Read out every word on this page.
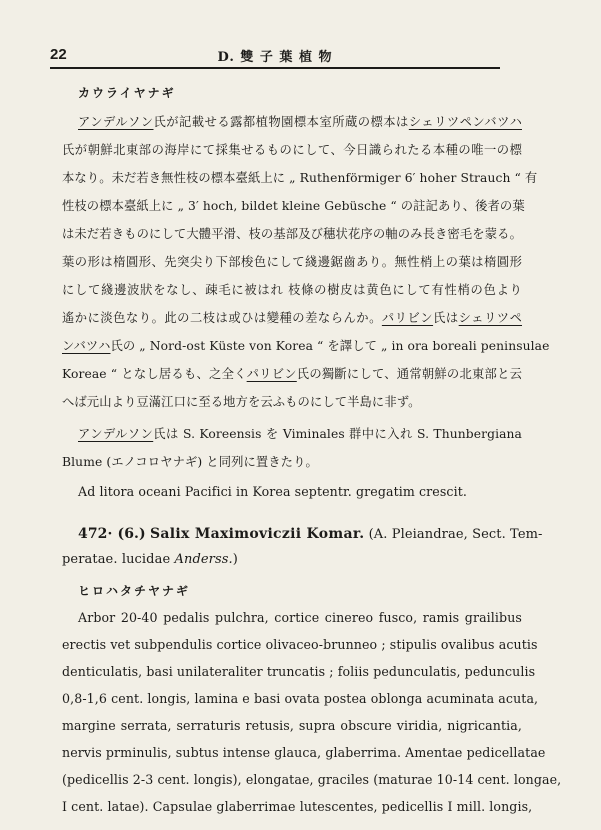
22	D. 雙 子 葉 植 物
カウライヤナギ
アンデルソン氏が記載せる露都植物園標本室所蔵の標本はシェリツペンバツハ
氏が朝鮮北東部の海岸にて採集せるものにして、今日識られたる本種の唯一の標
本なり。未だ若き無性枝の標本臺紙上に „ Ruthenförmiger 6′ hoher Strauch “ 有
性枝の標本臺紙上に „ 3′ hoch, bildet kleine Gebüsche “ の註記あり、後者の葉
は未だ若きものにして大體平滑、枝の基部及び穗状花序の軸のみ長き密毛を蒙る。
葉の形は楕圓形、先突尖り下部梭色にして綫邊鋸齒あり。無性梢上の葉は楕圓形
にして綫邊波狀をなし、疎毛に被はれ 枝條の樹皮は黄色にして有性梢の色より
遙かに淡色なり。此の二枝は或ひは變種の差ならんか。パリビン氏はシェリツペ
ンバツハ氏の „ Nord-ost Küste von Korea “ を譯して „ in ora boreali peninsulae
Koreae “ となし居るも、之全くパリビン氏の獨斷にして、通常朝鮮の北東部と云
へば元山より豆滿江口に至る地方を云ふものにして半島に非ず。
アンデルソン氏は S. Koreensis を Viminales 群中に入れ S. Thunbergiana
Blume (エノコロヤナギ) と同列に置きたり。
Ad litora oceani Pacifici in Korea septentr. gregatim crescit.
472· (6.) Salix Maximoviczii Komar. (A. Pleiandrae, Sect. Tem-
peratae. lucidae Anderss.)
ヒロハタチヤナギ
Arbor 20-40 pedalis pulchra, cortice cinereo fusco, ramis grailibus
erectis vet subpendulis cortice olivaceo-brunneo ; stipulis ovalibus acutis
denticulatis, basi unilateraliter truncatis ; foliis pedunculatis, pedunculis
0,8-1,6 cent. longis, lamina e basi ovata postea oblonga acuminata acuta,
margine serrata, serraturis retusis, supra obscure viridia, nigricantia,
nervis prminulis, subtus intense glauca, glaberrima. Amentae pedicellatae
(pedicellis 2-3 cent. longis), elongatae, graciles (maturae 10-14 cent. longae,
I cent. latae). Capsulae glaberrimae lutescentes, pedicellis I mill. longis,
